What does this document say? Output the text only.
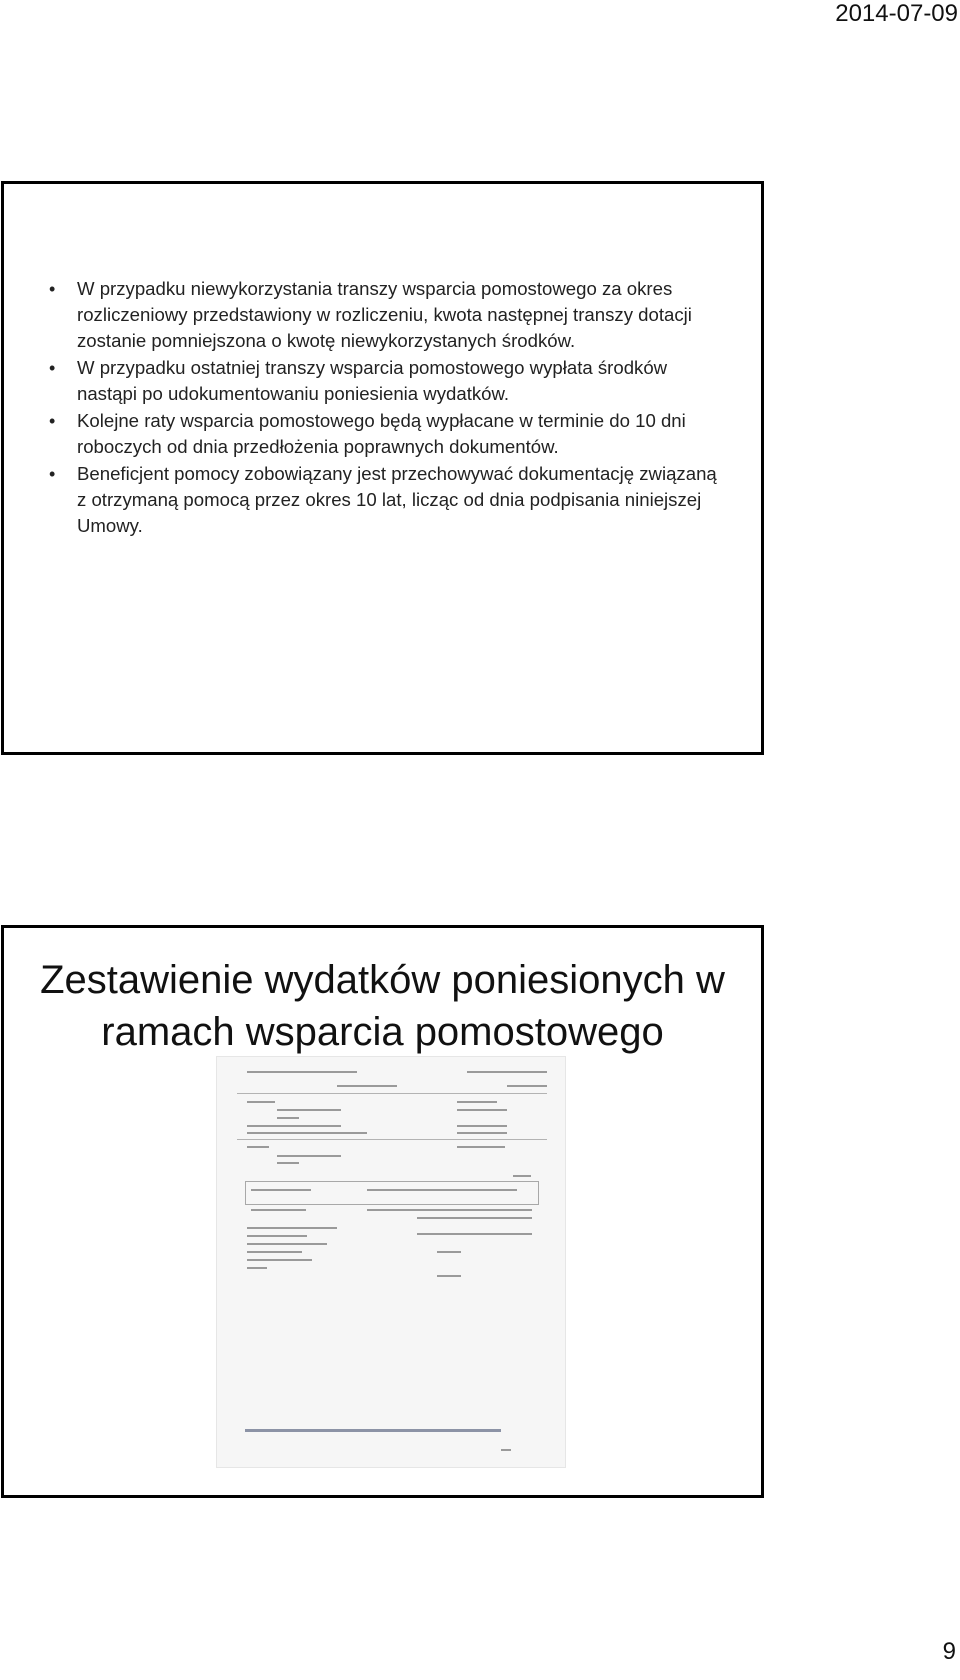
2014-07-09
•	W przypadku niewykorzystania transzy wsparcia pomostowego za okres rozliczeniowy przedstawiony w rozliczeniu, kwota następnej transzy dotacji zostanie pomniejszona o kwotę niewykorzystanych środków.
•	W przypadku ostatniej transzy wsparcia pomostowego wypłata środków nastąpi po udokumentowaniu poniesienia wydatków.
•	Kolejne raty wsparcia pomostowego będą wypłacane w terminie do 10 dni roboczych od dnia przedłożenia poprawnych dokumentów.
•	Beneficjent pomocy zobowiązany jest przechowywać dokumentację związaną z otrzymaną pomocą przez okres 10 lat, licząc od dnia podpisania niniejszej Umowy.
Zestawienie wydatków poniesionych w
ramach wsparcia pomostowego
9
